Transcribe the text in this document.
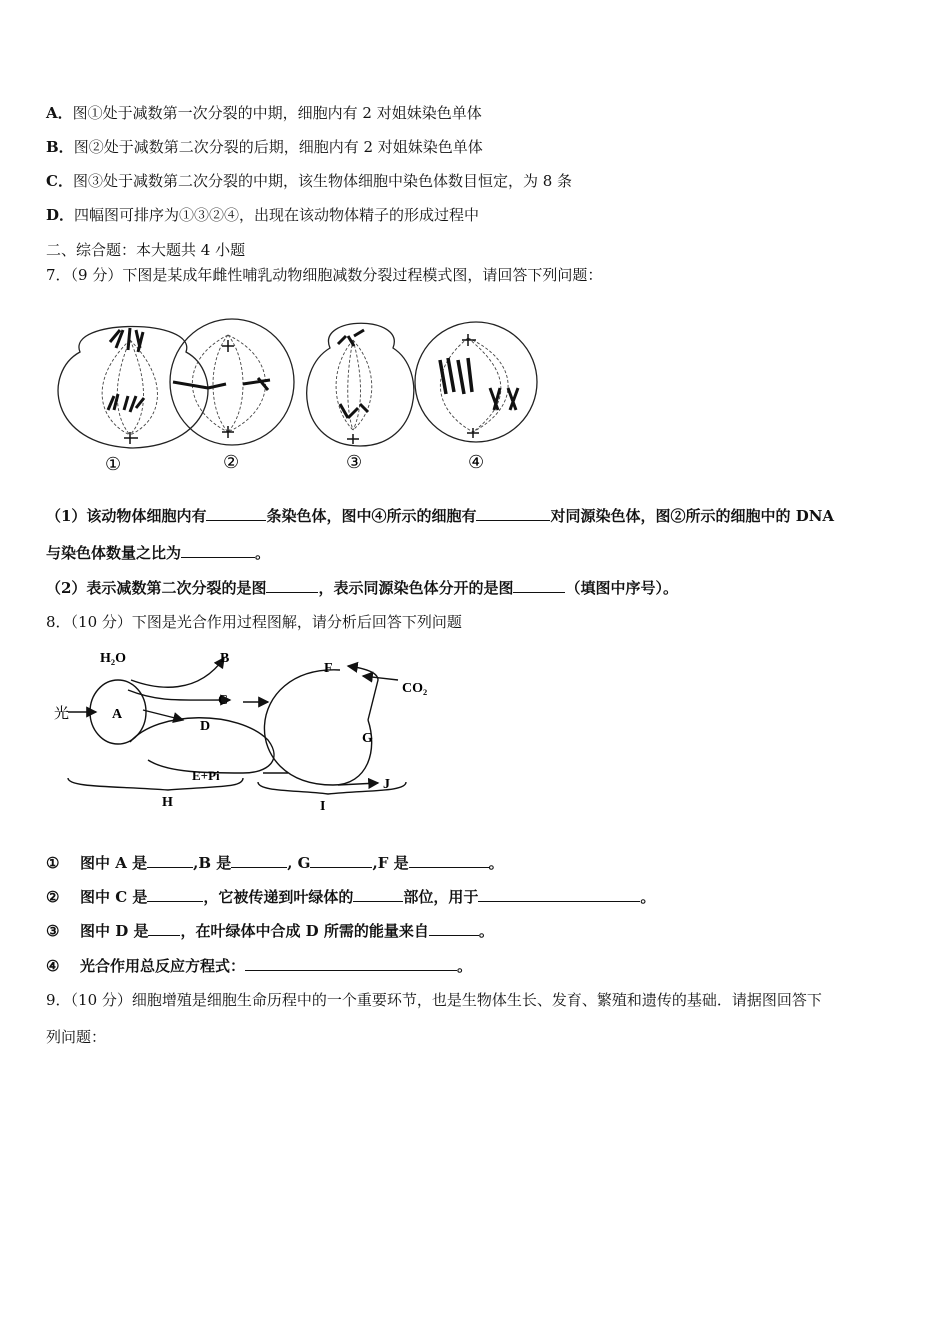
A．图①处于减数第一次分裂的中期，细胞内有 2 对姐妹染色单体
B．图②处于减数第二次分裂的后期，细胞内有 2 对姐妹染色单体
C．图③处于减数第二次分裂的中期，该生物体细胞中染色体数目恒定，为 8 条
D．四幅图可排序为①③②④，出现在该动物体精子的形成过程中
二、综合题：本大题共 4 小题
7．（9 分）下图是某成年雌性哺乳动物细胞减数分裂过程模式图，请回答下列问题：
①	②	③	④
（1）该动物体细胞内有	条染色体，图中④所示的细胞有	对同源染色体，图②所示的细胞中的 DNA
与染色体数量之比为	。
（2）表示减数第二次分裂的是图	，表示同源染色体分开的是图	（填图中序号）。
8．（10 分）下图是光合作用过程图解，请分析后回答下列问题
H₂O	B
光	A
C
D
E+Pi
H
F
CO₂
G
J
I
① 图中 A 是	,B 是	, G	,F 是	。
② 图中 C 是	，它被传递到叶绿体的	部位，用于	。
③ 图中 D 是 ，在叶绿体中合成 D 所需的能量来自	。
④ 光合作用总反应方程式：	。
9．（10 分）细胞增殖是细胞生命历程中的一个重要环节，也是生物体生长、发育、繁殖和遗传的基础．请据图回答下
列问题：
